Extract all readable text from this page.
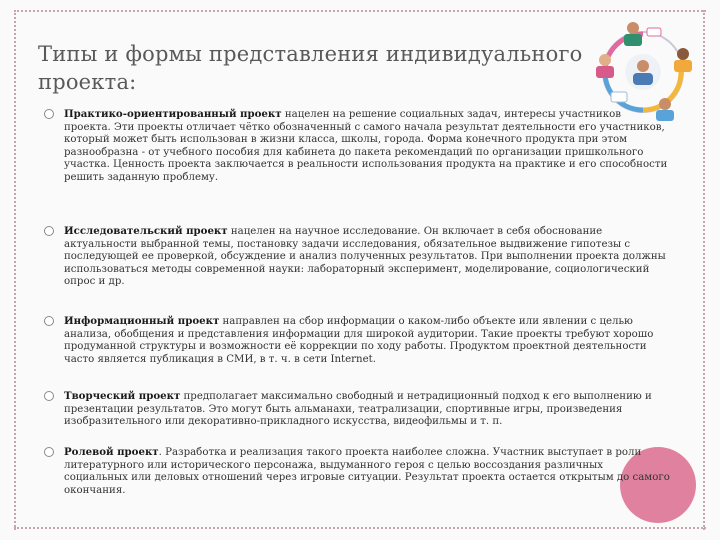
Типы и формы представления индивидуального проекта:
Практико-ориентированный проект нацелен на решение социальных задач, интересы участников проекта. Эти проекты отличает чётко обозначенный с самого начала результат деятельности его участников, который может быть использован в жизни класса, школы, города. Форма конечного продукта при этом разнообразна - от учебного пособия для кабинета до пакета рекомендаций по организации пришкольного участка. Ценность проекта заключается в реальности использования продукта на практике и его способности решить заданную проблему.
Исследовательский проект нацелен на научное исследование. Он включает в себя обоснование актуальности выбранной темы, постановку задачи исследования, обязательное выдвижение гипотезы с последующей ее проверкой, обсуждение и анализ полученных результатов. При выполнении проекта должны использоваться методы современной науки: лабораторный эксперимент, моделирование, социологический опрос и др.
Информационный проект направлен на сбор информации о каком-либо объекте или явлении с целью анализа, обобщения и представления информации для широкой аудитории. Такие проекты требуют хорошо продуманной структуры и возможности её коррекции по ходу работы. Продуктом проектной деятельности часто является публикация в СМИ, в т. ч. в сети Internet.
Творческий проект предполагает максимально свободный и нетрадиционный подход к его выполнению и презентации результатов. Это могут быть альманахи, театрализации, спортивные игры, произведения изобразительного или декоративно-прикладного искусства, видеофильмы и т. п.
Ролевой проект. Разработка и реализация такого проекта наиболее сложна. Участник выступает в роли литературного или исторического персонажа, выдуманного героя с целью воссоздания различных социальных или деловых отношений через игровые ситуации. Результат проекта остается открытым до самого окончания.
